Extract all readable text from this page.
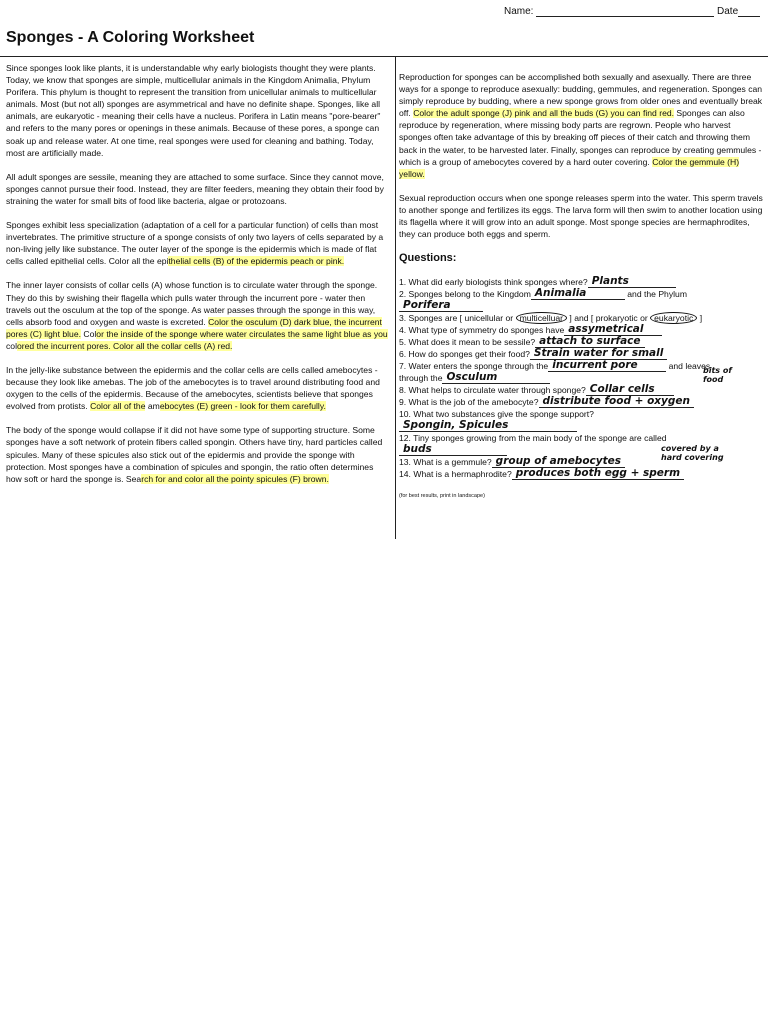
Name:	Date
Sponges - A Coloring Worksheet

Since sponges look like plants, it is understandable why early biologists thought they were plants. Today, we know that sponges are simple, multicellular animals in the Kingdom Animalia, Phylum Porifera. This phylum is thought to represent the transition from unicellular animals to multicellular animals. Most (but not all) sponges are asymmetrical and have no definite shape. Sponges, like all animals, are eukaryotic - meaning their cells have a nucleus. Porifera in Latin means "pore-bearer" and refers to the many pores or openings in these animals. Because of these pores, a sponge can soak up and release water. At one time, real sponges were used for cleaning and bathing. Today, most are artificially made.

All adult sponges are sessile, meaning they are attached to some surface. Since they cannot move, sponges cannot pursue their food. Instead, they are filter feeders, meaning they obtain their food by straining the water for small bits of food like bacteria, algae or protozoans.

Sponges exhibit less specialization (adaptation of a cell for a particular function) of cells than most invertebrates. The primitive structure of a sponge consists of only two layers of cells separated by a non-living jelly like substance. The outer layer of the sponge is the epidermis which is made of flat cells called epithelial cells. Color all the epithelial cells (B) of the epidermis peach or pink.

The inner layer consists of collar cells (A) whose function is to circulate water through the sponge. They do this by swishing their flagella which pulls water through the incurrent pore - water then travels out the osculum at the top of the sponge. As water passes through the sponge in this way, cells absorb food and oxygen and waste is excreted. Color the osculum (D) dark blue, the incurrent pores (C) light blue. Color the inside of the sponge where water circulates the same light blue as you colored the incurrent pores. Color all the collar cells (A) red.

In the jelly-like substance between the epidermis and the collar cells are cells called amebocytes - because they look like amebas. The job of the amebocytes is to travel around distributing food and oxygen to the cells of the epidermis. Because of the amebocytes, scientists believe that sponges evolved from protists. Color all of the amebocytes (E) green - look for them carefully.

The body of the sponge would collapse if it did not have some type of supporting structure. Some sponges have a soft network of protein fibers called spongin. Others have tiny, hard particles called spicules. Many of these spicules also stick out of the epidermis and provide the sponge with protection. Most sponges have a combination of spicules and spongin, the ratio often determines how soft or hard the sponge is. Search for and color all the pointy spicules (F) brown.

Reproduction for sponges can be accomplished both sexually and asexually. There are three ways for a sponge to reproduce asexually: budding, gemmules, and regeneration. Sponges can simply reproduce by budding, where a new sponge grows from older ones and eventually break off. Color the adult sponge (J) pink and all the buds (G) you can find red. Sponges can also reproduce by regeneration, where missing body parts are regrown. People who harvest sponges often take advantage of this by breaking off pieces of their catch and throwing them back in the water, to be harvested later. Finally, sponges can reproduce by creating gemmules - which is a group of amebocytes covered by a hard outer covering. Color the gemmule (H) yellow.

Sexual reproduction occurs when one sponge releases sperm into the water. This sperm travels to another sponge and fertilizes its eggs. The larva form will then swim to another location using its flagella where it will grow into an adult sponge. Most sponge species are hermaphrodites, they can produce both eggs and sperm.

Questions:
1. What did early biologists think sponges where? Plants
2. Sponges belong to the Kingdom Animalia	and the Phylum
Porifera
3. Sponges are [ unicellular or multicelluar ] and [ prokaryotic or eukaryotic ]
4. What type of symmetry do sponges have assymetrical
5. What does it mean to be sessile? attach to surface
6. How do sponges get their food? Strain water for small
7. Water enters the sponge through the incurrent pore	and leaves
through the Osculum
8. What helps to circulate water through sponge? Collar cells
9. What is the job of the amebocyte? distribute food + oxygen
10. What two substances give the sponge support?
Spongin, Spicules
12. Tiny sponges growing from the main body of the sponge are called
buds
13. What is a gemmule? group of amebocytes
covered by a hard covering
14. What is a hermaphrodite? produces both egg + sperm
(for best results, print in landscape)
bits of food
